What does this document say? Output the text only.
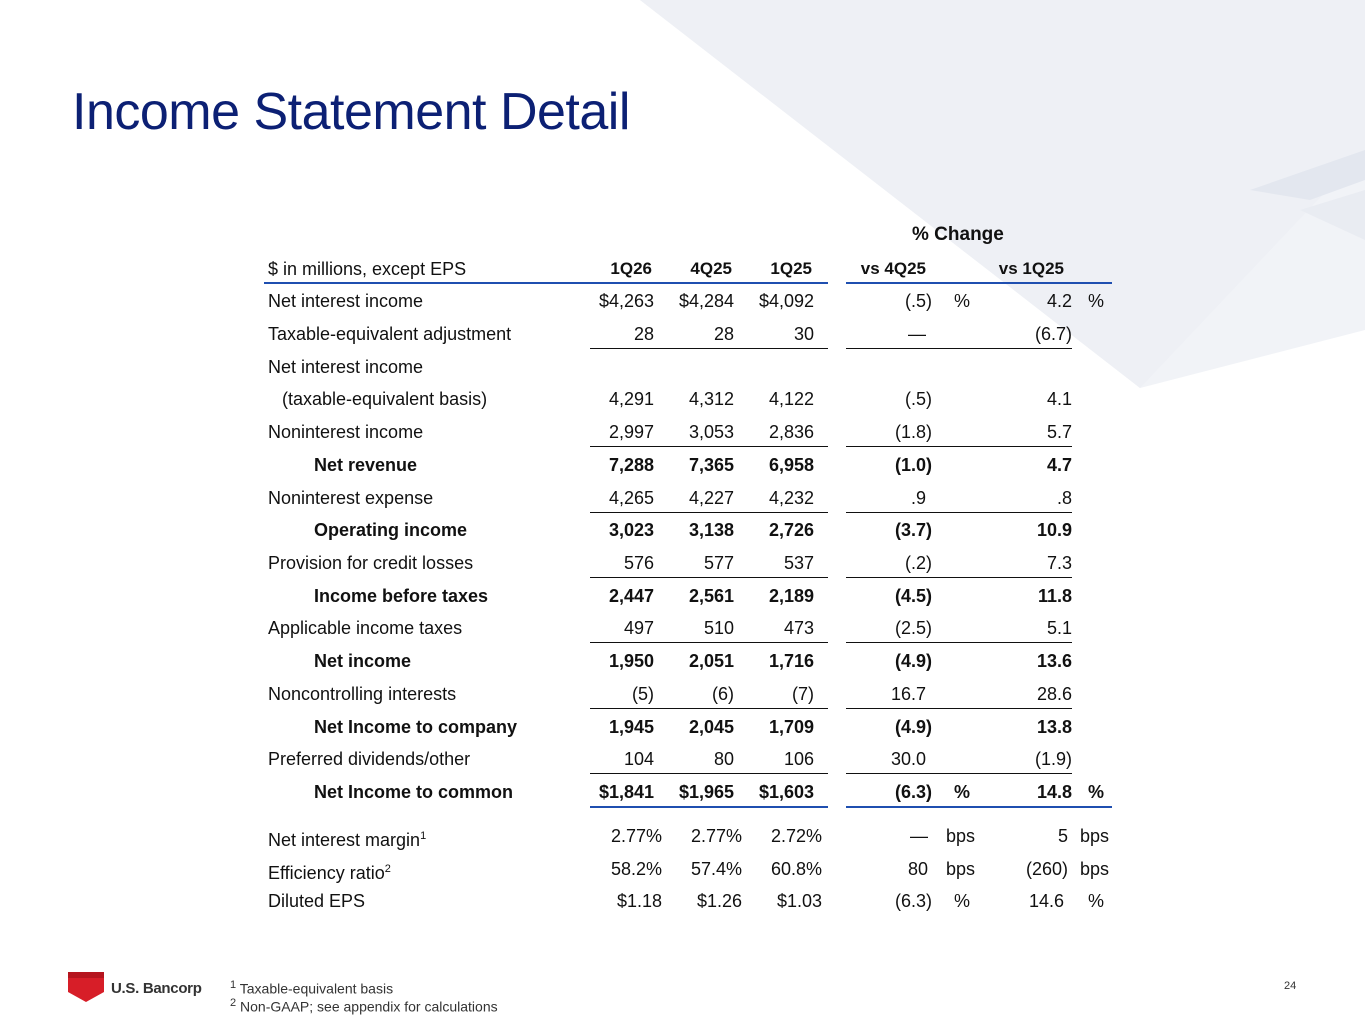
Income Statement Detail
% Change
$ in millions, except EPS	1Q26	4Q25	1Q25	vs 4Q25	vs 1Q25
Net interest income	$4,263	$4,284	$4,092	(.5) %	4.2 %
Taxable-equivalent adjustment	28	28	30	—	(6.7)
Net interest income
(taxable-equivalent basis)	4,291	4,312	4,122	(.5)	4.1
Noninterest income	2,997	3,053	2,836	(1.8)	5.7
Net revenue	7,288	7,365	6,958	(1.0)	4.7
Noninterest expense	4,265	4,227	4,232	.9	.8
Operating income	3,023	3,138	2,726	(3.7)	10.9
Provision for credit losses	576	577	537	(.2)	7.3
Income before taxes	2,447	2,561	2,189	(4.5)	11.8
Applicable income taxes	497	510	473	(2.5)	5.1
Net income	1,950	2,051	1,716	(4.9)	13.6
Noncontrolling interests	(5)	(6)	(7)	16.7	28.6
Net Income to company	1,945	2,045	1,709	(4.9)	13.8
Preferred dividends/other	104	80	106	30.0	(1.9)
Net Income to common	$1,841	$1,965	$1,603	(6.3) %	14.8 %
Net interest margin$^1$	2.77%	2.77%	2.72%	— bps	5 bps
Efficiency ratio$^2$	58.2%	57.4%	60.8%	80 bps	(260) bps
Diluted EPS	$1.18	$1.26	$1.03	(6.3) %	14.6 %
U.S. Bancorp	$^1$ Taxable-equivalent basis
$^2$ Non-GAAP; see appendix for calculations
24
